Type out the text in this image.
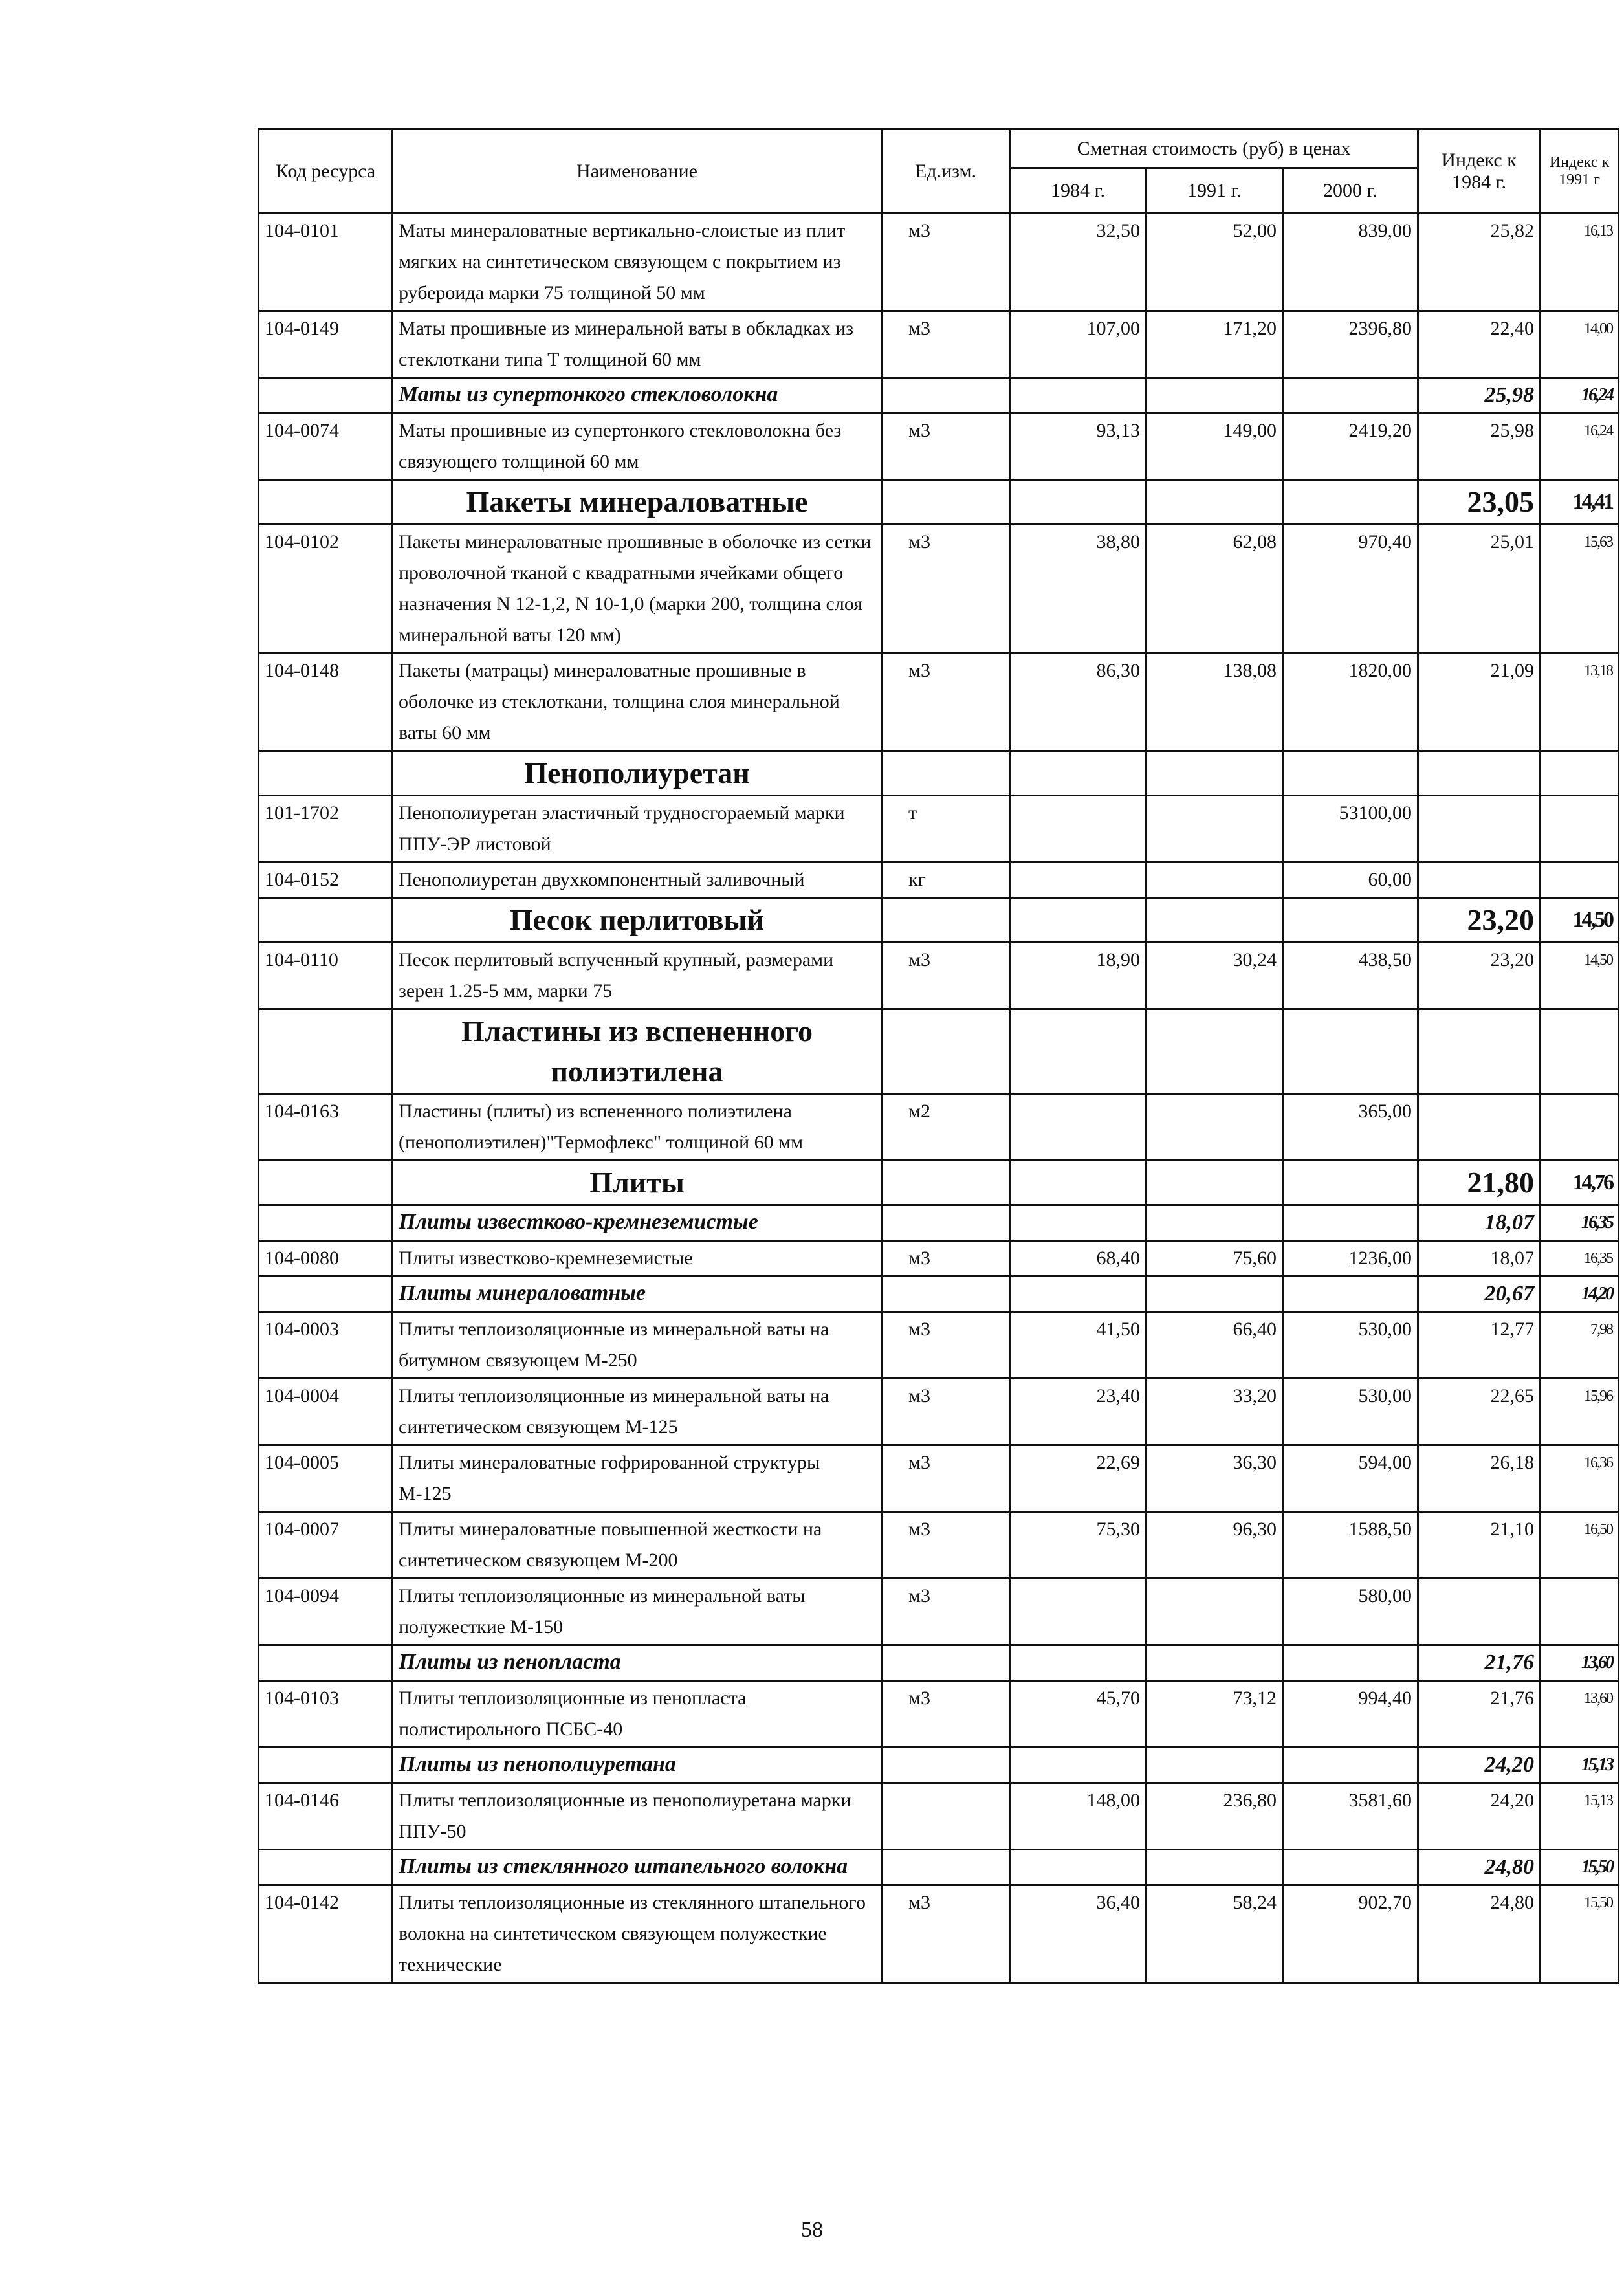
Код ресурса	Наименование	Ед.изм.	Сметная стоимость (руб) в ценах			Индекс к 1984 г.	Индекс к 1991 г
			1984 г.	1991 г.	2000 г.		
104-0101	Маты минераловатные вертикально-слоистые из плит мягких на синтетическом связующем с покрытием из рубероида марки 75 толщиной 50 мм	м3	32,50	52,00	839,00	25,82	16,13
104-0149	Маты прошивные из минеральной ваты в обкладках из стеклоткани типа Т толщиной 60 мм	м3	107,00	171,20	2396,80	22,40	14,00
	Маты из супертонкого стекловолокна					25,98	16,24
104-0074	Маты прошивные из супертонкого стекловолокна без связующего толщиной 60 мм	м3	93,13	149,00	2419,20	25,98	16,24
	Пакеты минераловатные					23,05	14,41
104-0102	Пакеты минераловатные прошивные в оболочке из сетки проволочной тканой с квадратными ячейками общего назначения N 12-1,2, N 10-1,0 (марки 200, толщина слоя минеральной ваты 120 мм)	м3	38,80	62,08	970,40	25,01	15,63
104-0148	Пакеты (матрацы) минераловатные прошивные в оболочке из стеклоткани, толщина слоя минеральной ваты 60 мм	м3	86,30	138,08	1820,00	21,09	13,18
	Пенополиуретан						
101-1702	Пенополиуретан эластичный трудносгораемый марки ППУ-ЭР листовой	т			53100,00		
104-0152	Пенополиуретан двухкомпонентный заливочный	кг			60,00		
	Песок перлитовый					23,20	14,50
104-0110	Песок перлитовый вспученный крупный, размерами зерен 1.25-5 мм, марки 75	м3	18,90	30,24	438,50	23,20	14,50
	Пластины из вспененного полиэтилена						
104-0163	Пластины (плиты) из вспененного полиэтилена (пенополиэтилен)"Термофлекс" толщиной 60 мм	м2			365,00		
	Плиты					21,80	14,76
	Плиты известково-кремнеземистые					18,07	16,35
104-0080	Плиты известково-кремнеземистые	м3	68,40	75,60	1236,00	18,07	16,35
	Плиты минераловатные					20,67	14,20
104-0003	Плиты теплоизоляционные из минеральной ваты на битумном связующем М-250	м3	41,50	66,40	530,00	12,77	7,98
104-0004	Плиты теплоизоляционные из минеральной ваты на синтетическом связующем М-125	м3	23,40	33,20	530,00	22,65	15,96
104-0005	Плиты минераловатные гофрированной структуры М-125	м3	22,69	36,30	594,00	26,18	16,36
104-0007	Плиты минераловатные повышенной жесткости на синтетическом связующем М-200	м3	75,30	96,30	1588,50	21,10	16,50
104-0094	Плиты теплоизоляционные из минеральной ваты полужесткие М-150	м3			580,00		
	Плиты из пенопласта					21,76	13,60
104-0103	Плиты теплоизоляционные из пенопласта полистирольного ПСБС-40	м3	45,70	73,12	994,40	21,76	13,60
	Плиты из пенополиуретана					24,20	15,13
104-0146	Плиты теплоизоляционные из пенополиуретана марки ППУ-50		148,00	236,80	3581,60	24,20	15,13
	Плиты из стеклянного штапельного волокна					24,80	15,50
104-0142	Плиты теплоизоляционные из стеклянного штапельного волокна на синтетическом связующем полужесткие технические	м3	36,40	58,24	902,70	24,80	15,50
58
